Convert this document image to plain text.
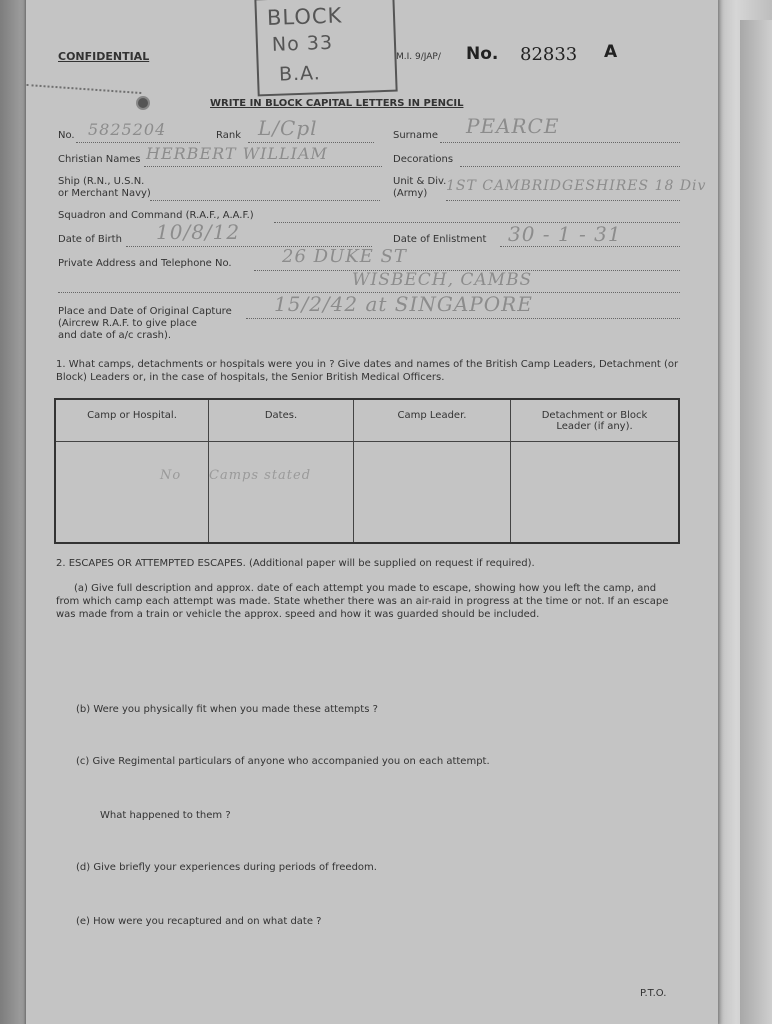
BLOCK
No 33
B.A.
CONFIDENTIAL	M.I. 9/JAP/ No. 82833 A
WRITE IN BLOCK CAPITAL LETTERS IN PENCIL
No. 5825204	Rank L/Cpl	Surname PEARCE
Christian Names HERBERT WILLIAM	Decorations
Ship (R.N., U.S.N.
or Merchant Navy)
Unit & Div.
(Army) 1ST CAMBRIDGESHIRES 18 Div
Squadron and Command (R.A.F., A.A.F.)
Date of Birth 10/8/12	Date of Enlistment 30 - 1 - 31
Private Address and Telephone No.	26 DUKE ST
WISBECH, CAMBS
Place and Date of Original Capture
(Aircrew R.A.F. to give place
and date of a/c crash).
15/2/42 at SINGAPORE
1. What camps, detachments or hospitals were you in ? Give dates and names of the British Camp Leaders, Detachment (or Block) Leaders or, in the case of hospitals, the Senior British Medical Officers.
Camp or Hospital.	Dates.	Camp Leader.	Detachment or Block Leader (if any).

No	Camps stated		

2. ESCAPES OR ATTEMPTED ESCAPES. (Additional paper will be supplied on request if required).
(a) Give full description and approx. date of each attempt you made to escape, showing how you left the camp, and from which camp each attempt was made. State whether there was an air-raid in progress at the time or not. If an escape was made from a train or vehicle the approx. speed and how it was guarded should be included.
(b) Were you physically fit when you made these attempts ?
(c) Give Regimental particulars of anyone who accompanied you on each attempt.
What happened to them ?
(d) Give briefly your experiences during periods of freedom.
(e) How were you recaptured and on what date ?
P.T.O.
